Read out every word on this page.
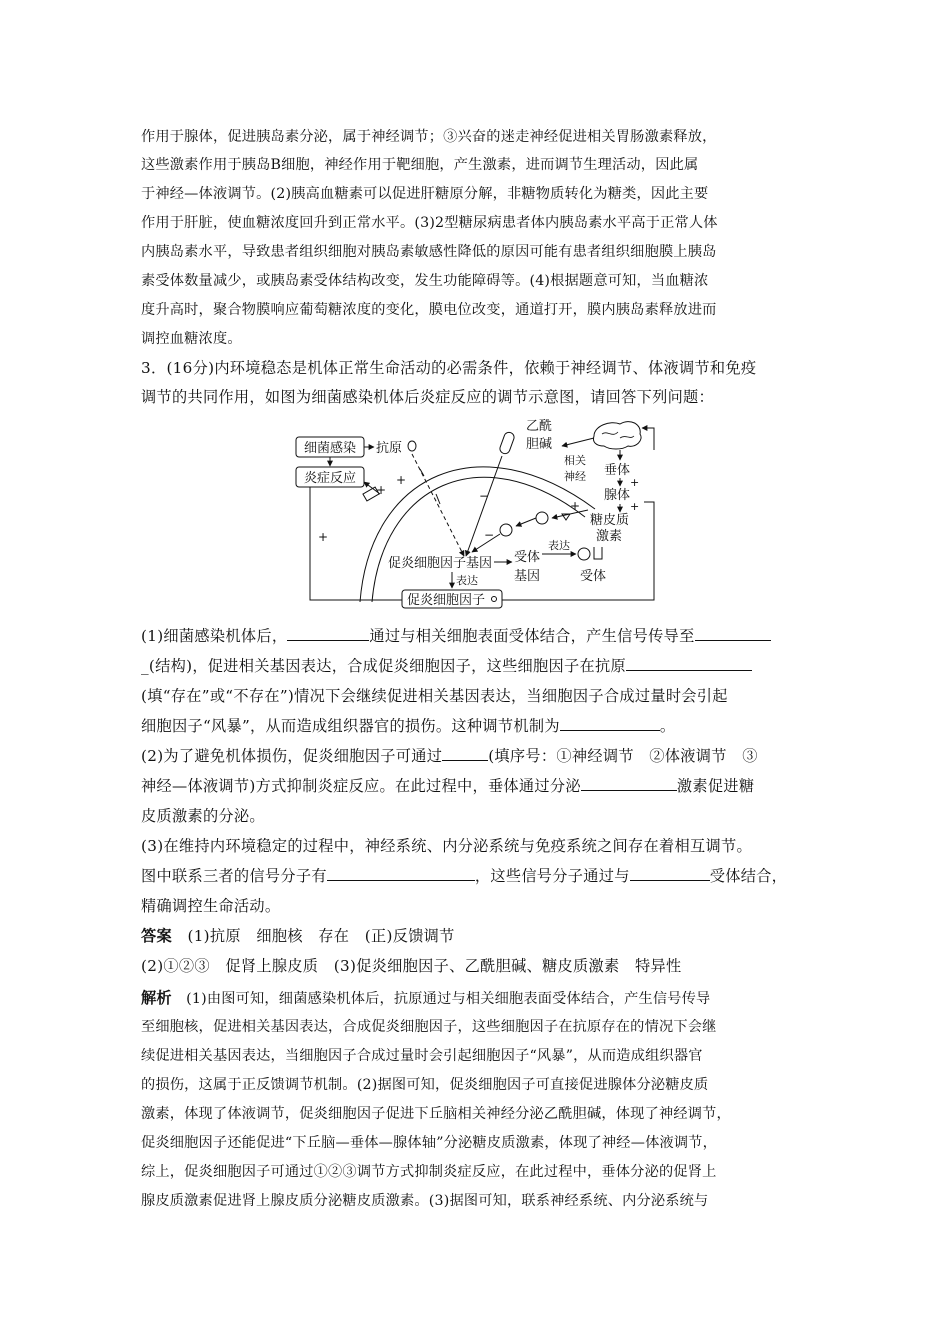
作用于腺体，促进胰岛素分泌，属于神经调节；③兴奋的迷走神经促进相关胃肠激素释放，
这些激素作用于胰岛B细胞，神经作用于靶细胞，产生激素，进而调节生理活动，因此属
于神经—体液调节。(2)胰高血糖素可以促进肝糖原分解，非糖物质转化为糖类，因此主要
作用于肝脏，使血糖浓度回升到正常水平。(3)2型糖尿病患者体内胰岛素水平高于正常人体
内胰岛素水平，导致患者组织细胞对胰岛素敏感性降低的原因可能有患者组织细胞膜上胰岛
素受体数量减少，或胰岛素受体结构改变，发生功能障碍等。(4)根据题意可知，当血糖浓
度升高时，聚合物膜响应葡萄糖浓度的变化，膜电位改变，通道打开，膜内胰岛素释放进而
调控血糖浓度。
3．(16分)内环境稳态是机体正常生命活动的必需条件，依赖于神经调节、体液调节和免疫
调节的共同作用，如图为细菌感染机体后炎症反应的调节示意图，请回答下列问题：
细菌感染 抗原
炎症反应
+
+
+
乙酰
胆碱
−
相关
神经 垂体
腺体
糖皮质
激素
+
+
+
−
促炎细胞因子基因
表达
受体
基因
表达
受体
促炎细胞因子
(1)细菌感染机体后，	通过与相关细胞表面受体结合，产生信号传导至
_(结构)，促进相关基因表达，合成促炎细胞因子，这些细胞因子在抗原
(填“存在”或“不存在”)情况下会继续促进相关基因表达，当细胞因子合成过量时会引起
细胞因子“风暴”，从而造成组织器官的损伤。这种调节机制为	。
(2)为了避免机体损伤，促炎细胞因子可通过	(填序号：①神经调节　②体液调节　③
神经—体液调节)方式抑制炎症反应。在此过程中，垂体通过分泌	激素促进糖
皮质激素的分泌。
(3)在维持内环境稳定的过程中，神经系统、内分泌系统与免疫系统之间存在着相互调节。
图中联系三者的信号分子有	，这些信号分子通过与	受体结合，
精确调控生命活动。
答案　 (1)抗原　细胞核　存在　(正)反馈调节
(2)①②③　促肾上腺皮质　(3)促炎细胞因子、乙酰胆碱、糖皮质激素　特异性
解析　 (1)由图可知，细菌感染机体后，抗原通过与相关细胞表面受体结合，产生信号传导
至细胞核，促进相关基因表达，合成促炎细胞因子，这些细胞因子在抗原存在的情况下会继
续促进相关基因表达，当细胞因子合成过量时会引起细胞因子“风暴”，从而造成组织器官
的损伤，这属于正反馈调节机制。(2)据图可知，促炎细胞因子可直接促进腺体分泌糖皮质
激素，体现了体液调节，促炎细胞因子促进下丘脑相关神经分泌乙酰胆碱，体现了神经调节，
促炎细胞因子还能促进“下丘脑—垂体—腺体轴”分泌糖皮质激素，体现了神经—体液调节，
综上，促炎细胞因子可通过①②③调节方式抑制炎症反应，在此过程中，垂体分泌的促肾上
腺皮质激素促进肾上腺皮质分泌糖皮质激素。(3)据图可知，联系神经系统、内分泌系统与
